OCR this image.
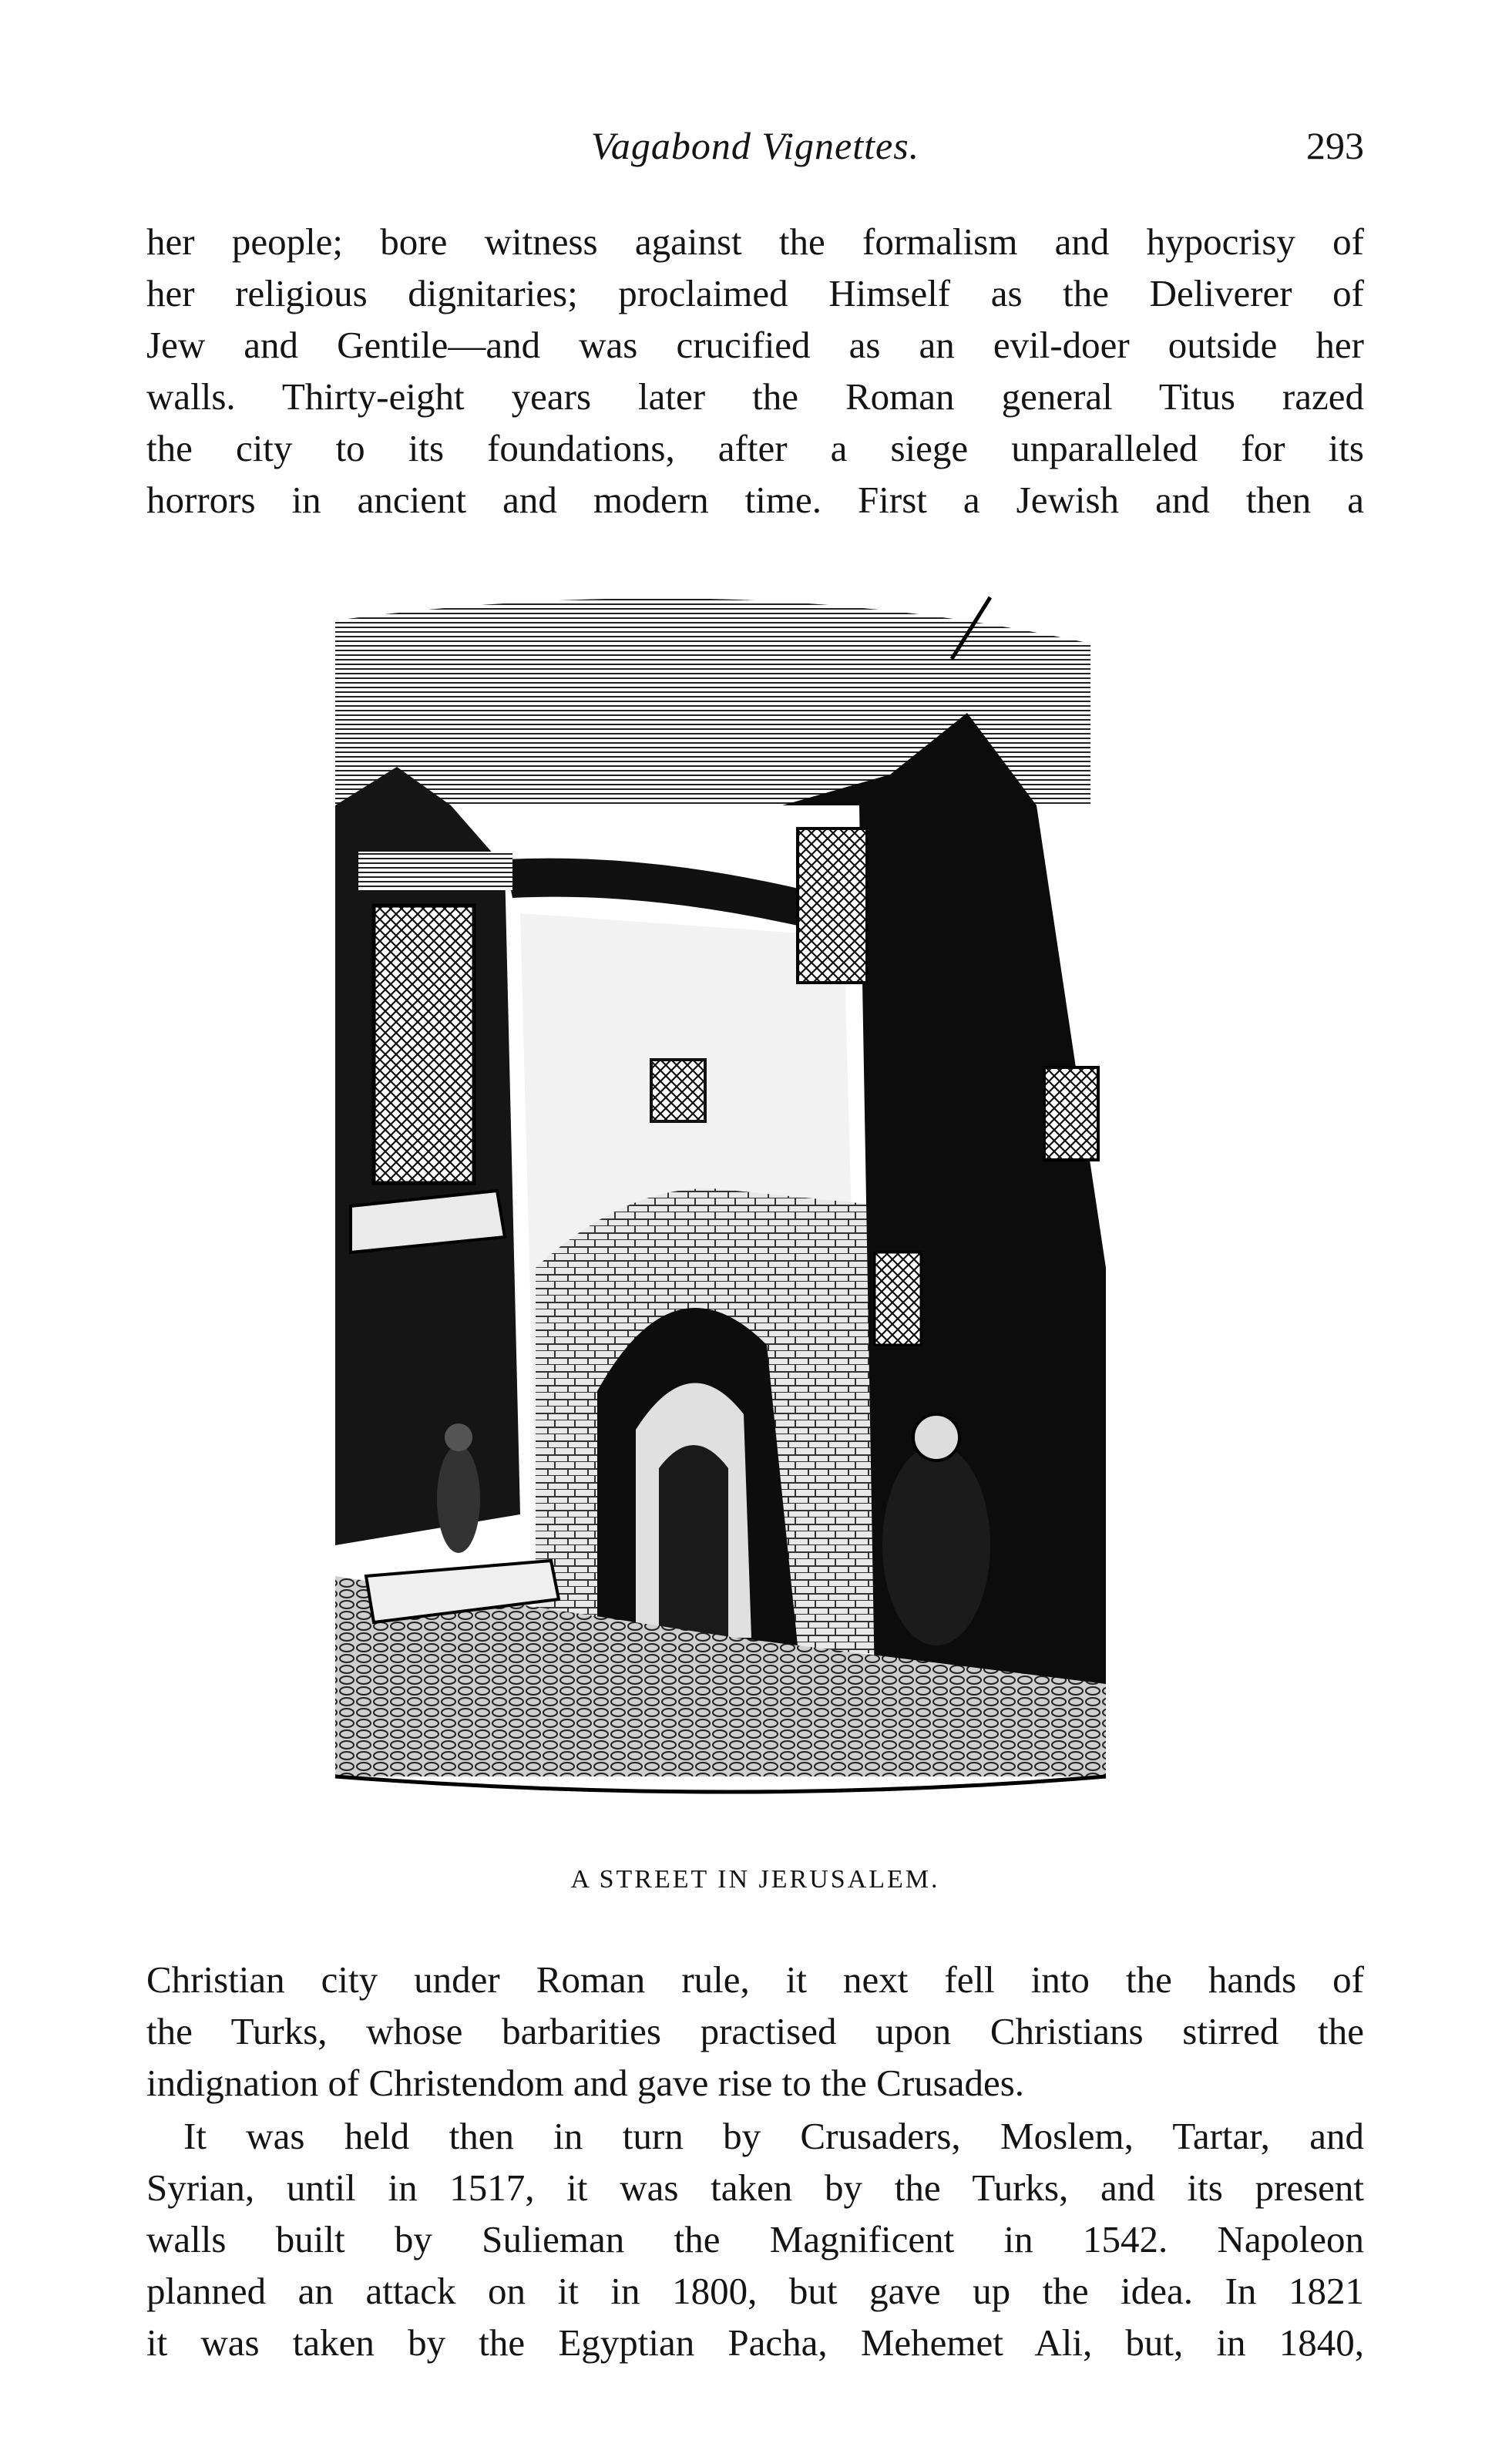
Vagabond Vignettes.	293
her people; bore witness against the formalism and hypocrisy of
her religious dignitaries; proclaimed Himself as the Deliverer of
Jew and Gentile—and was crucified as an evil-doer outside her
walls. Thirty-eight years later the Roman general Titus razed
the city to its foundations, after a siege unparalleled for its
horrors in ancient and modern time. First a Jewish and then a
A STREET IN JERUSALEM.
Christian city under Roman rule, it next fell into the hands of
the Turks, whose barbarities practised upon Christians stirred the
indignation of Christendom and gave rise to the Crusades.
It was held then in turn by Crusaders, Moslem, Tartar, and
Syrian, until in 1517, it was taken by the Turks, and its present
walls built by Sulieman the Magnificent in 1542. Napoleon
planned an attack on it in 1800, but gave up the idea. In 1821
it was taken by the Egyptian Pacha, Mehemet Ali, but, in 1840,
